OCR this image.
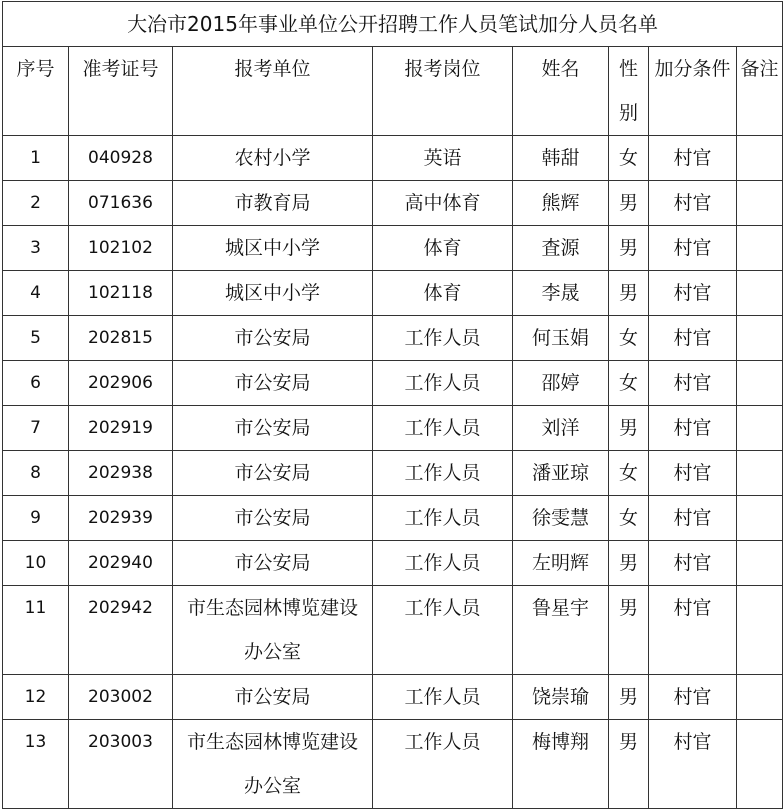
大冶市2015年事业单位公开招聘工作人员笔试加分人员名单							
序号	准考证号	报考单位	报考岗位	姓名	性别	加分条件	备注
1	040928	农村小学	英语	韩甜	女	村官	
2	071636	市教育局	高中体育	熊辉	男	村官	
3	102102	城区中小学	体育	査源	男	村官	
4	102118	城区中小学	体育	李晟	男	村官	
5	202815	市公安局	工作人员	何玉娟	女	村官	
6	202906	市公安局	工作人员	邵婷	女	村官	
7	202919	市公安局	工作人员	刘洋	男	村官	
8	202938	市公安局	工作人员	潘亚琼	女	村官	
9	202939	市公安局	工作人员	徐雯慧	女	村官	
10	202940	市公安局	工作人员	左明辉	男	村官	
11	202942	市生态园林博览建设办公室	工作人员	鲁星宇	男	村官	
12	203002	市公安局	工作人员	饶崇瑜	男	村官	
13	203003	市生态园林博览建设办公室	工作人员	梅博翔	男	村官	
